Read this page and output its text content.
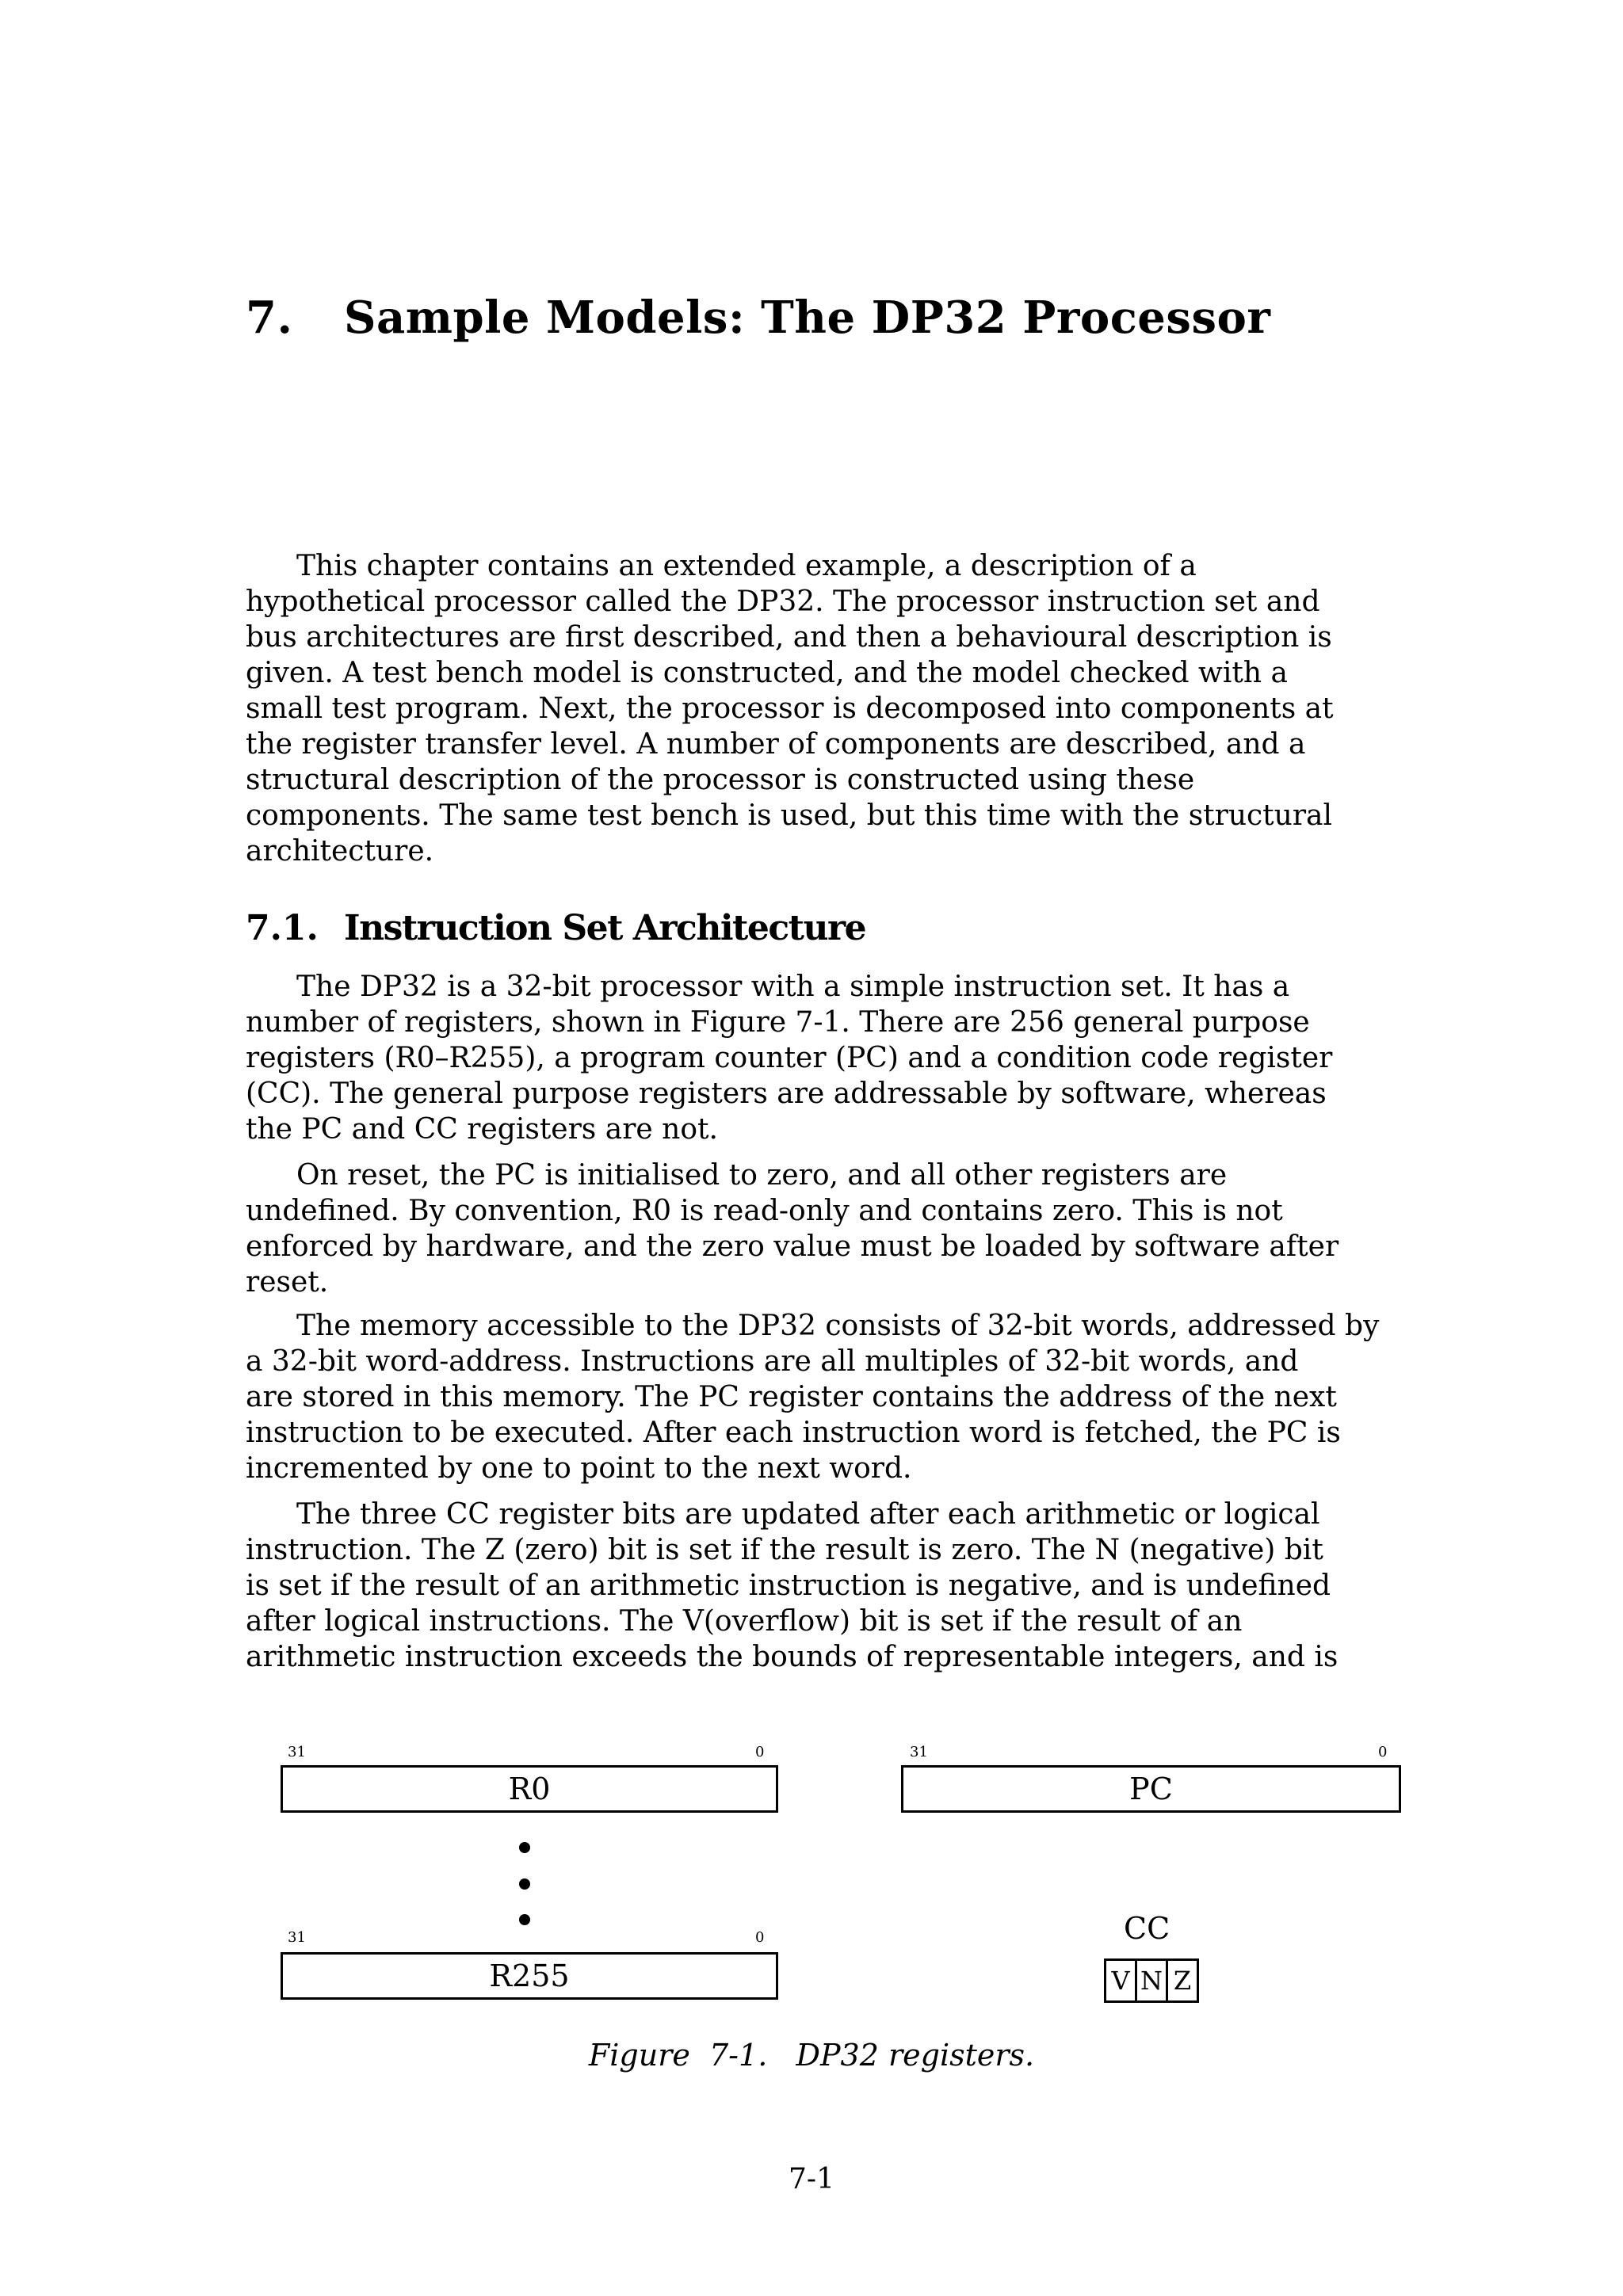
7. Sample Models: The DP32 Processor
This chapter contains an extended example, a description of a
hypothetical processor called the DP32. The processor instruction set and
bus architectures are first described, and then a behavioural description is
given. A test bench model is constructed, and the model checked with a
small test program. Next, the processor is decomposed into components at
the register transfer level. A number of components are described, and a
structural description of the processor is constructed using these
components. The same test bench is used, but this time with the structural
architecture.
7.1. Instruction Set Architecture
The DP32 is a 32-bit processor with a simple instruction set. It has a
number of registers, shown in Figure 7-1. There are 256 general purpose
registers (R0–R255), a program counter (PC) and a condition code register
(CC). The general purpose registers are addressable by software, whereas
the PC and CC registers are not.
On reset, the PC is initialised to zero, and all other registers are
undefined. By convention, R0 is read-only and contains zero. This is not
enforced by hardware, and the zero value must be loaded by software after
reset.
The memory accessible to the DP32 consists of 32-bit words, addressed by
a 32-bit word-address. Instructions are all multiples of 32-bit words, and
are stored in this memory. The PC register contains the address of the next
instruction to be executed. After each instruction word is fetched, the PC is
incremented by one to point to the next word.
The three CC register bits are updated after each arithmetic or logical
instruction. The Z (zero) bit is set if the result is zero. The N (negative) bit
is set if the result of an arithmetic instruction is negative, and is undefined
after logical instructions. The V(overflow) bit is set if the result of an
arithmetic instruction exceeds the bounds of representable integers, and is
31	0
R0
31	0
PC
31	0
R255
CC
V N Z

Figure  7-1.   DP32 registers.

7-1
